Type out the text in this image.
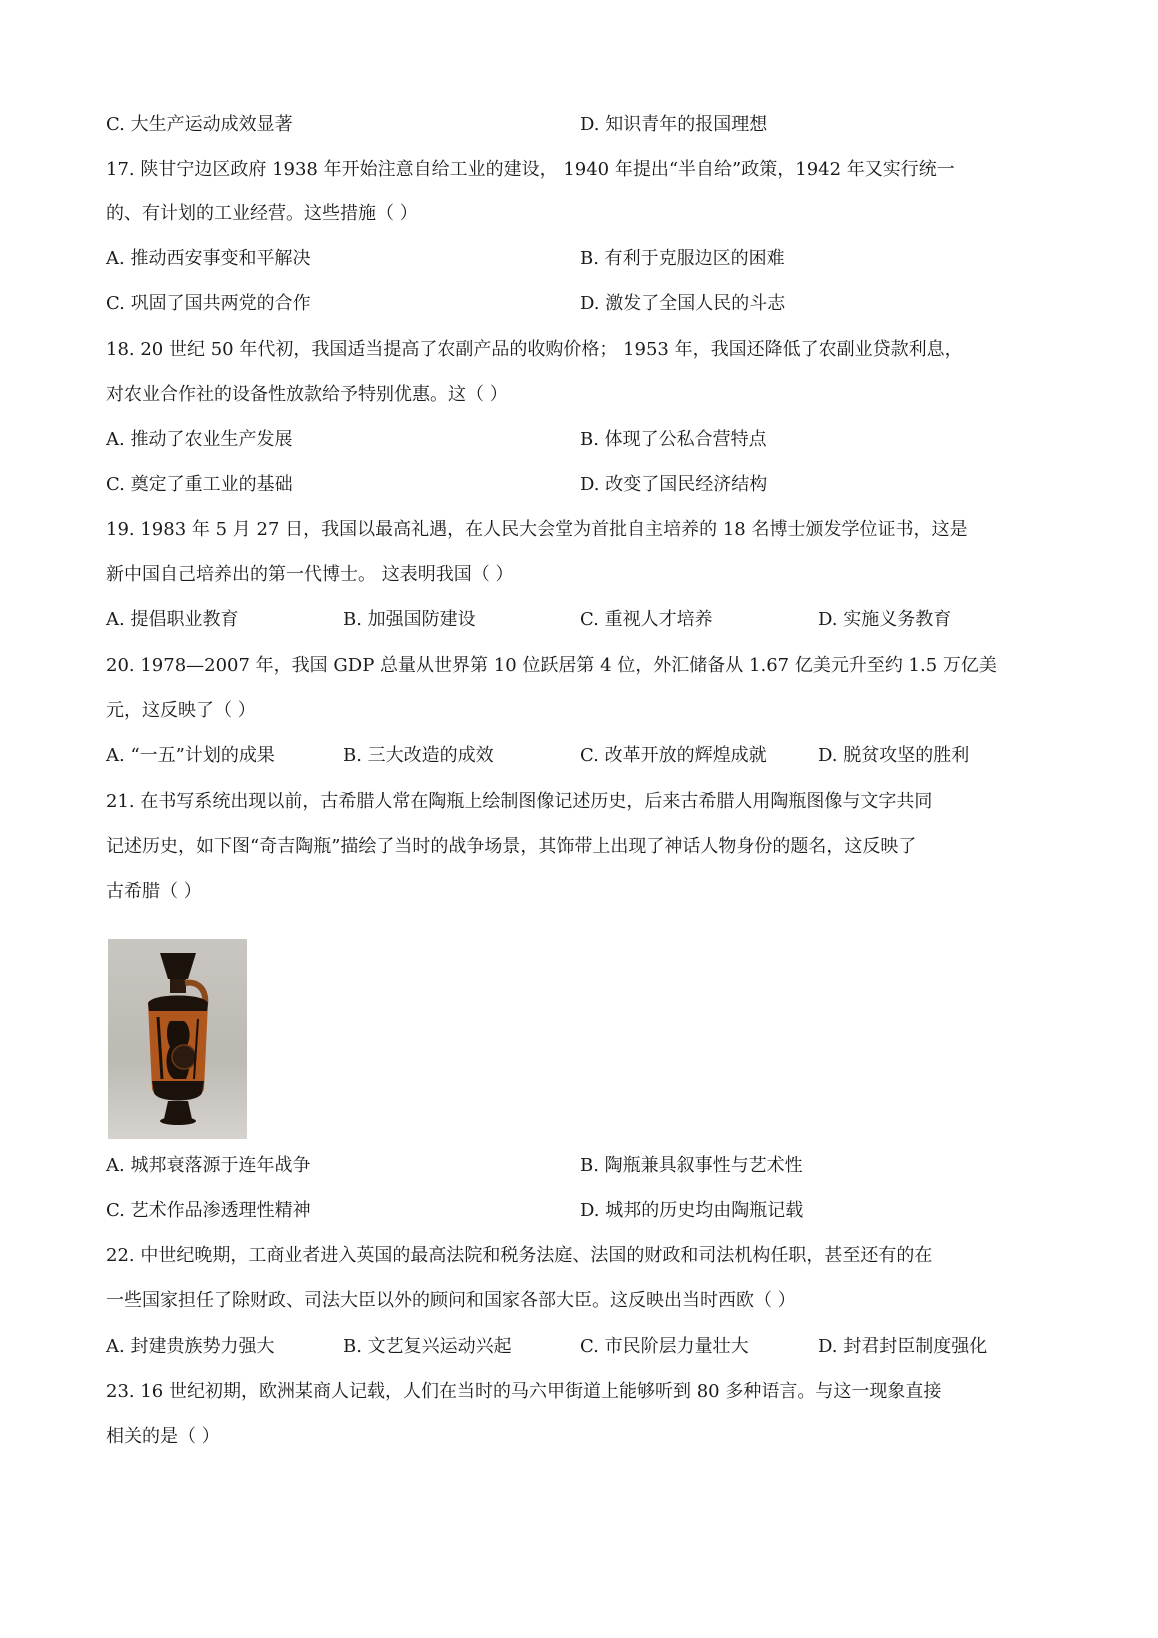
C. 大生产运动成效显著	D. 知识青年的报国理想
17. 陕甘宁边区政府 1938 年开始注意自给工业的建设， 1940 年提出“半自给”政策，1942 年又实行统一
的、有计划的工业经营。这些措施（ ）
A. 推动西安事变和平解决	B. 有利于克服边区的困难
C. 巩固了国共两党的合作	D. 激发了全国人民的斗志
18. 20 世纪 50 年代初，我国适当提高了农副产品的收购价格； 1953 年，我国还降低了农副业贷款利息，
对农业合作社的设备性放款给予特别优惠。这（ ）
A. 推动了农业生产发展	B. 体现了公私合营特点
C. 奠定了重工业的基础	D. 改变了国民经济结构
19. 1983 年 5 月 27 日，我国以最高礼遇，在人民大会堂为首批自主培养的 18 名博士颁发学位证书，这是
新中国自己培养出的第一代博士。 这表明我国（ ）
A. 提倡职业教育	B. 加强国防建设	C. 重视人才培养	D. 实施义务教育
20. 1978—2007 年，我国 GDP 总量从世界第 10 位跃居第 4 位，外汇储备从 1.67 亿美元升至约 1.5 万亿美
元，这反映了（ ）
A. “一五”计划的成果	B. 三大改造的成效	C. 改革开放的辉煌成就	D. 脱贫攻坚的胜利
21. 在书写系统出现以前，古希腊人常在陶瓶上绘制图像记述历史，后来古希腊人用陶瓶图像与文字共同
记述历史，如下图“奇吉陶瓶”描绘了当时的战争场景，其饰带上出现了神话人物身份的题名，这反映了
古希腊（ ）
A. 城邦衰落源于连年战争	B. 陶瓶兼具叙事性与艺术性
C. 艺术作品渗透理性精神	D. 城邦的历史均由陶瓶记载
22. 中世纪晚期，工商业者进入英国的最高法院和税务法庭、法国的财政和司法机构任职，甚至还有的在
一些国家担任了除财政、司法大臣以外的顾问和国家各部大臣。这反映出当时西欧（ ）
A. 封建贵族势力强大	B. 文艺复兴运动兴起	C. 市民阶层力量壮大	D. 封君封臣制度强化
23. 16 世纪初期，欧洲某商人记载，人们在当时的马六甲街道上能够听到 80 多种语言。与这一现象直接
相关的是（ ）
